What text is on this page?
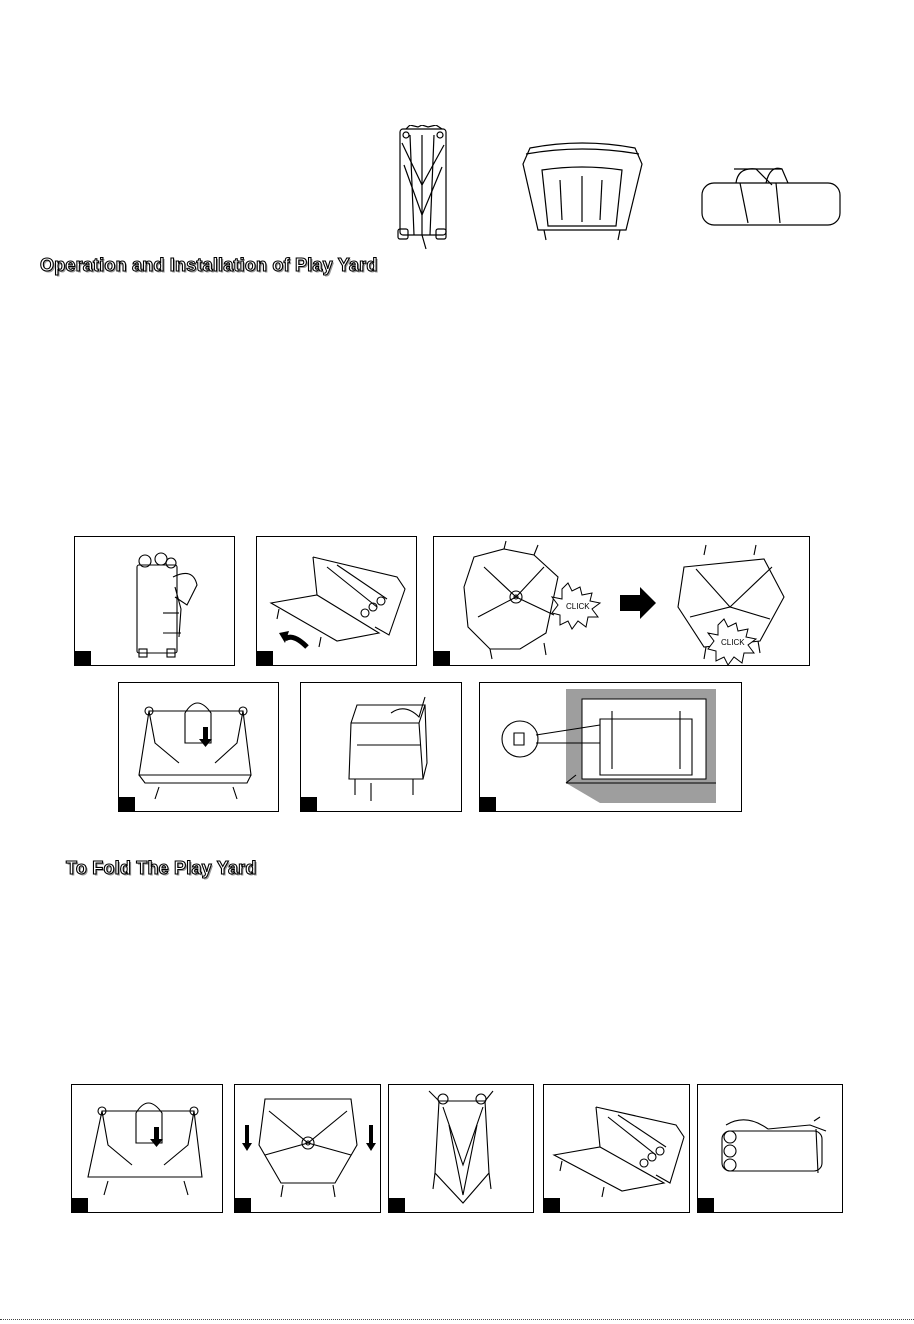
Operation and Installation of Play Yard
CLICK
CLICK
To Fold The Play Yard
